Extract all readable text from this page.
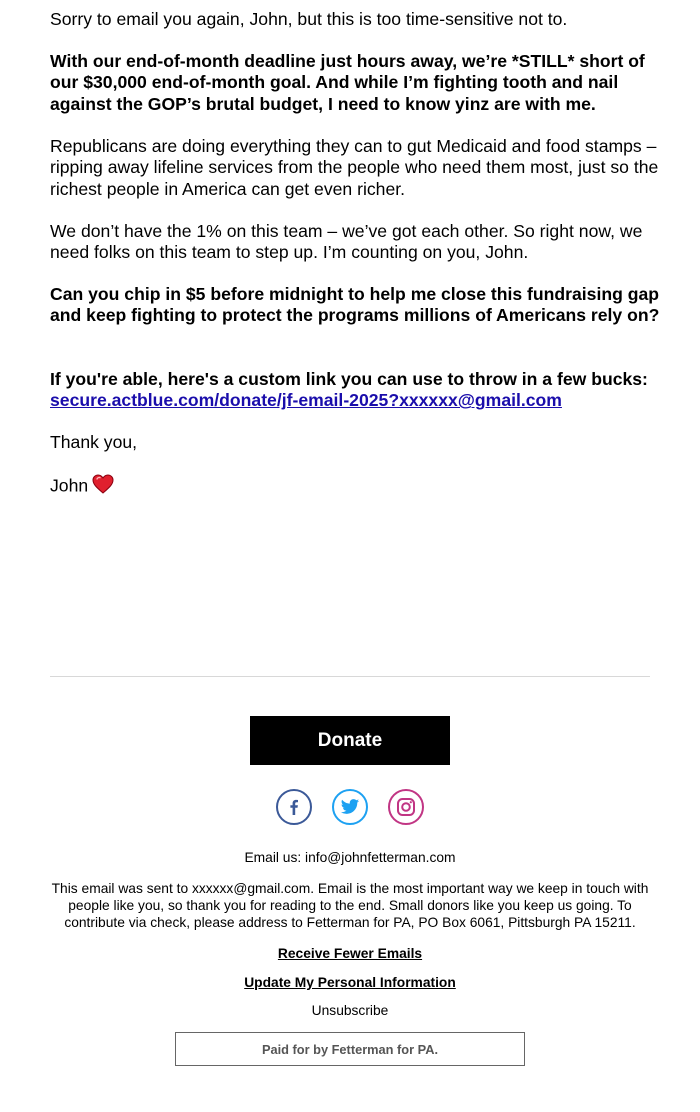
Sorry to email you again, John, but this is too time-sensitive not to.

With our end-of-month deadline just hours away, we’re *STILL* short of our $30,000 end-of-month goal. And while I’m fighting tooth and nail against the GOP’s brutal budget, I need to know yinz are with me.

Republicans are doing everything they can to gut Medicaid and food stamps – ripping away lifeline services from the people who need them most, just so the richest people in America can get even richer.

We don’t have the 1% on this team – we’ve got each other. So right now, we need folks on this team to step up. I’m counting on you, John.

Can you chip in $5 before midnight to help me close this fundraising gap and keep fighting to protect the programs millions of Americans rely on?

If you're able, here's a custom link you can use to throw in a few bucks: secure.actblue.com/donate/jf-email-2025?xxxxxx@gmail.com

Thank you,

John

Donate
Email us: info@johnfetterman.com
This email was sent to xxxxxx@gmail.com. Email is the most important way we keep in touch with people like you, so thank you for reading to the end. Small donors like you keep us going. To contribute via check, please address to Fetterman for PA, PO Box 6061, Pittsburgh PA 15211.
Receive Fewer Emails
Update My Personal Information
Unsubscribe
Paid for by Fetterman for PA.
